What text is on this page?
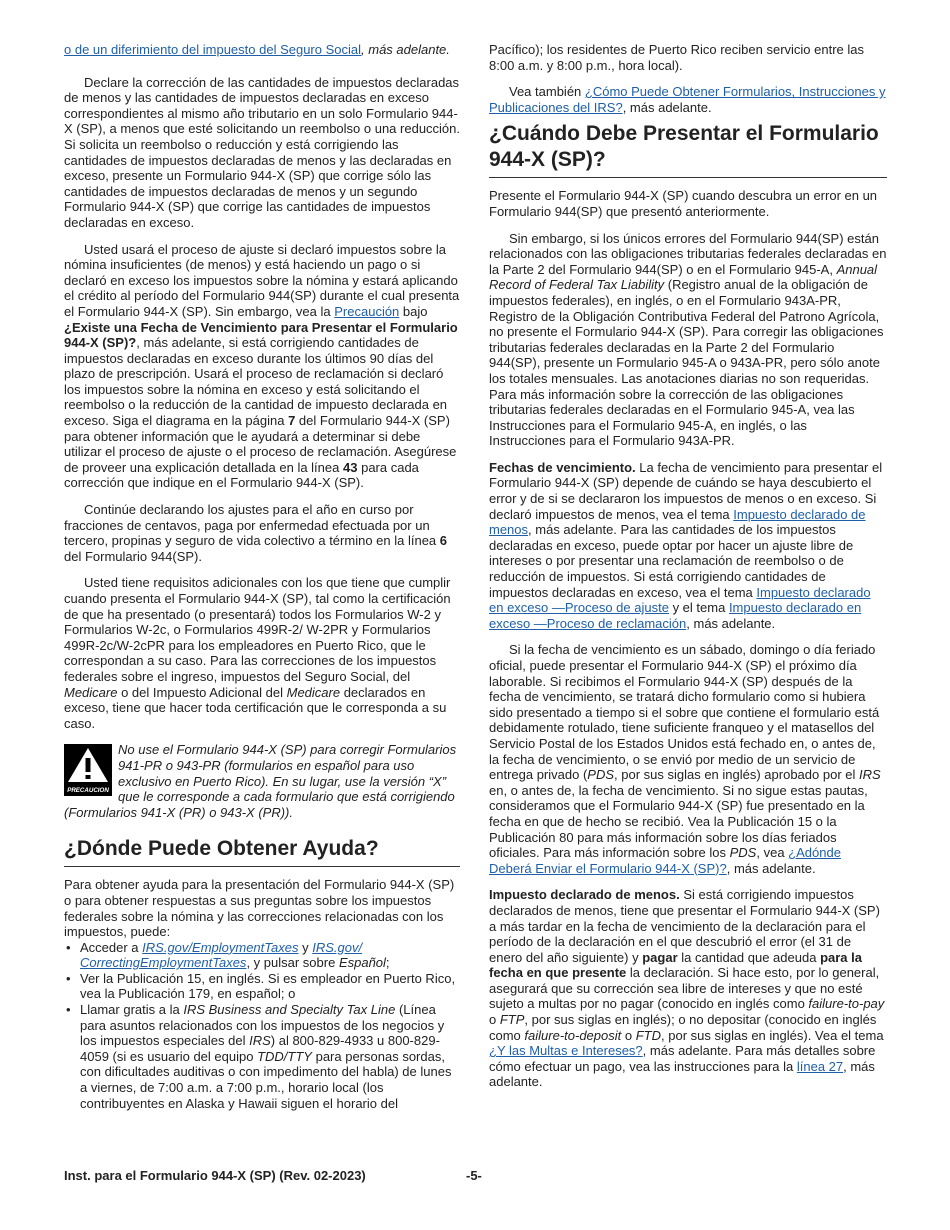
o de un diferimiento del impuesto del Seguro Social, más adelante.

Declare la corrección de las cantidades de impuestos declaradas de menos y las cantidades de impuestos declaradas en exceso correspondientes al mismo año tributario en un solo Formulario 944-X (SP), a menos que esté solicitando un reembolso o una reducción. Si solicita un reembolso o reducción y está corrigiendo las cantidades de impuestos declaradas de menos y las declaradas en exceso, presente un Formulario 944-X (SP) que corrige sólo las cantidades de impuestos declaradas de menos y un segundo Formulario 944-X (SP) que corrige las cantidades de impuestos declaradas en exceso.

Usted usará el proceso de ajuste si declaró impuestos sobre la nómina insuficientes (de menos) y está haciendo un pago o si declaró en exceso los impuestos sobre la nómina y estará aplicando el crédito al período del Formulario 944(SP) durante el cual presenta el Formulario 944-X (SP). Sin embargo, vea la Precaución bajo ¿Existe una Fecha de Vencimiento para Presentar el Formulario 944-X (SP)?, más adelante, si está corrigiendo cantidades de impuestos declaradas en exceso durante los últimos 90 días del plazo de prescripción. Usará el proceso de reclamación si declaró los impuestos sobre la nómina en exceso y está solicitando el reembolso o la reducción de la cantidad de impuesto declarada en exceso. Siga el diagrama en la página 7 del Formulario 944-X (SP) para obtener información que le ayudará a determinar si debe utilizar el proceso de ajuste o el proceso de reclamación. Asegúrese de proveer una explicación detallada en la línea 43 para cada corrección que indique en el Formulario 944-X (SP).

Continúe declarando los ajustes para el año en curso por fracciones de centavos, paga por enfermedad efectuada por un tercero, propinas y seguro de vida colectivo a término en la línea 6 del Formulario 944(SP).

Usted tiene requisitos adicionales con los que tiene que cumplir cuando presenta el Formulario 944-X (SP), tal como la certificación de que ha presentado (o presentará) todos los Formularios W-2 y Formularios W-2c, o Formularios 499R-2/ W-2PR y Formularios 499R-2c/W-2cPR para los empleadores en Puerto Rico, que le correspondan a su caso. Para las correcciones de los impuestos federales sobre el ingreso, impuestos del Seguro Social, del Medicare o del Impuesto Adicional del Medicare declarados en exceso, tiene que hacer toda certificación que le corresponda a su caso.

PRECAUCION
No use el Formulario 944-X (SP) para corregir Formularios 941-PR o 943-PR (formularios en español para uso exclusivo en Puerto Rico). En su lugar, use la versión “X” que le corresponde a cada formulario que está corrigiendo (Formularios 941-X (PR) o 943-X (PR)).
¿Dónde Puede Obtener Ayuda?

Para obtener ayuda para la presentación del Formulario 944-X (SP) o para obtener respuestas a sus preguntas sobre los impuestos federales sobre la nómina y las correcciones relacionadas con los impuestos, puede:

• Acceder a IRS.gov/EmploymentTaxes y IRS.gov/ CorrectingEmploymentTaxes, y pulsar sobre Español;
• Ver la Publicación 15, en inglés. Si es empleador en Puerto Rico, vea la Publicación 179, en español; o
• Llamar gratis a la IRS Business and Specialty Tax Line (Línea para asuntos relacionados con los impuestos de los negocios y los impuestos especiales del IRS) al 800-829-4933 u 800-829-4059 (si es usuario del equipo TDD/TTY para personas sordas, con dificultades auditivas o con impedimento del habla) de lunes a viernes, de 7:00 a.m. a 7:00 p.m., horario local (los contribuyentes en Alaska y Hawaii siguen el horario del

Pacífico); los residentes de Puerto Rico reciben servicio entre las 8:00 a.m. y 8:00 p.m., hora local).

Vea también ¿Cómo Puede Obtener Formularios, Instrucciones y Publicaciones del IRS?, más adelante.

¿Cuándo Debe Presentar el Formulario 944-X (SP)?

Presente el Formulario 944-X (SP) cuando descubra un error en un Formulario 944(SP) que presentó anteriormente.

Sin embargo, si los únicos errores del Formulario 944(SP) están relacionados con las obligaciones tributarias federales declaradas en la Parte 2 del Formulario 944(SP) o en el Formulario 945-A, Annual Record of Federal Tax Liability (Registro anual de la obligación de impuestos federales), en inglés, o en el Formulario 943A-PR, Registro de la Obligación Contributiva Federal del Patrono Agrícola, no presente el Formulario 944-X (SP). Para corregir las obligaciones tributarias federales declaradas en la Parte 2 del Formulario 944(SP), presente un Formulario 945-A o 943A-PR, pero sólo anote los totales mensuales. Las anotaciones diarias no son requeridas. Para más información sobre la corrección de las obligaciones tributarias federales declaradas en el Formulario 945-A, vea las Instrucciones para el Formulario 945-A, en inglés, o las Instrucciones para el Formulario 943A-PR.

Fechas de vencimiento. La fecha de vencimiento para presentar el Formulario 944-X (SP) depende de cuándo se haya descubierto el error y de si se declararon los impuestos de menos o en exceso. Si declaró impuestos de menos, vea el tema Impuesto declarado de menos, más adelante. Para las cantidades de los impuestos declaradas en exceso, puede optar por hacer un ajuste libre de intereses o por presentar una reclamación de reembolso o de reducción de impuestos. Si está corrigiendo cantidades de impuestos declaradas en exceso, vea el tema Impuesto declarado en exceso —Proceso de ajuste y el tema Impuesto declarado en exceso —Proceso de reclamación, más adelante.

Si la fecha de vencimiento es un sábado, domingo o día feriado oficial, puede presentar el Formulario 944-X (SP) el próximo día laborable. Si recibimos el Formulario 944-X (SP) después de la fecha de vencimiento, se tratará dicho formulario como si hubiera sido presentado a tiempo si el sobre que contiene el formulario está debidamente rotulado, tiene suficiente franqueo y el matasellos del Servicio Postal de los Estados Unidos está fechado en, o antes de, la fecha de vencimiento, o se envió por medio de un servicio de entrega privado (PDS, por sus siglas en inglés) aprobado por el IRS en, o antes de, la fecha de vencimiento. Si no sigue estas pautas, consideramos que el Formulario 944-X (SP) fue presentado en la fecha en que de hecho se recibió. Vea la Publicación 15 o la Publicación 80 para más información sobre los días feriados oficiales. Para más información sobre los PDS, vea ¿Adónde Deberá Enviar el Formulario 944-X (SP)?, más adelante.

Impuesto declarado de menos. Si está corrigiendo impuestos declarados de menos, tiene que presentar el Formulario 944-X (SP) a más tardar en la fecha de vencimiento de la declaración para el período de la declaración en el que descubrió el error (el 31 de enero del año siguiente) y pagar la cantidad que adeuda para la fecha en que presente la declaración. Si hace esto, por lo general, asegurará que su corrección sea libre de intereses y que no esté sujeto a multas por no pagar (conocido en inglés como failure-to-pay o FTP, por sus siglas en inglés); o no depositar (conocido en inglés como failure-to-deposit o FTD, por sus siglas en inglés). Vea el tema ¿Y las Multas e Intereses?, más adelante. Para más detalles sobre cómo efectuar un pago, vea las instrucciones para la línea 27, más adelante.

Inst. para el Formulario 944-X (SP) (Rev. 02-2023)	-5-
